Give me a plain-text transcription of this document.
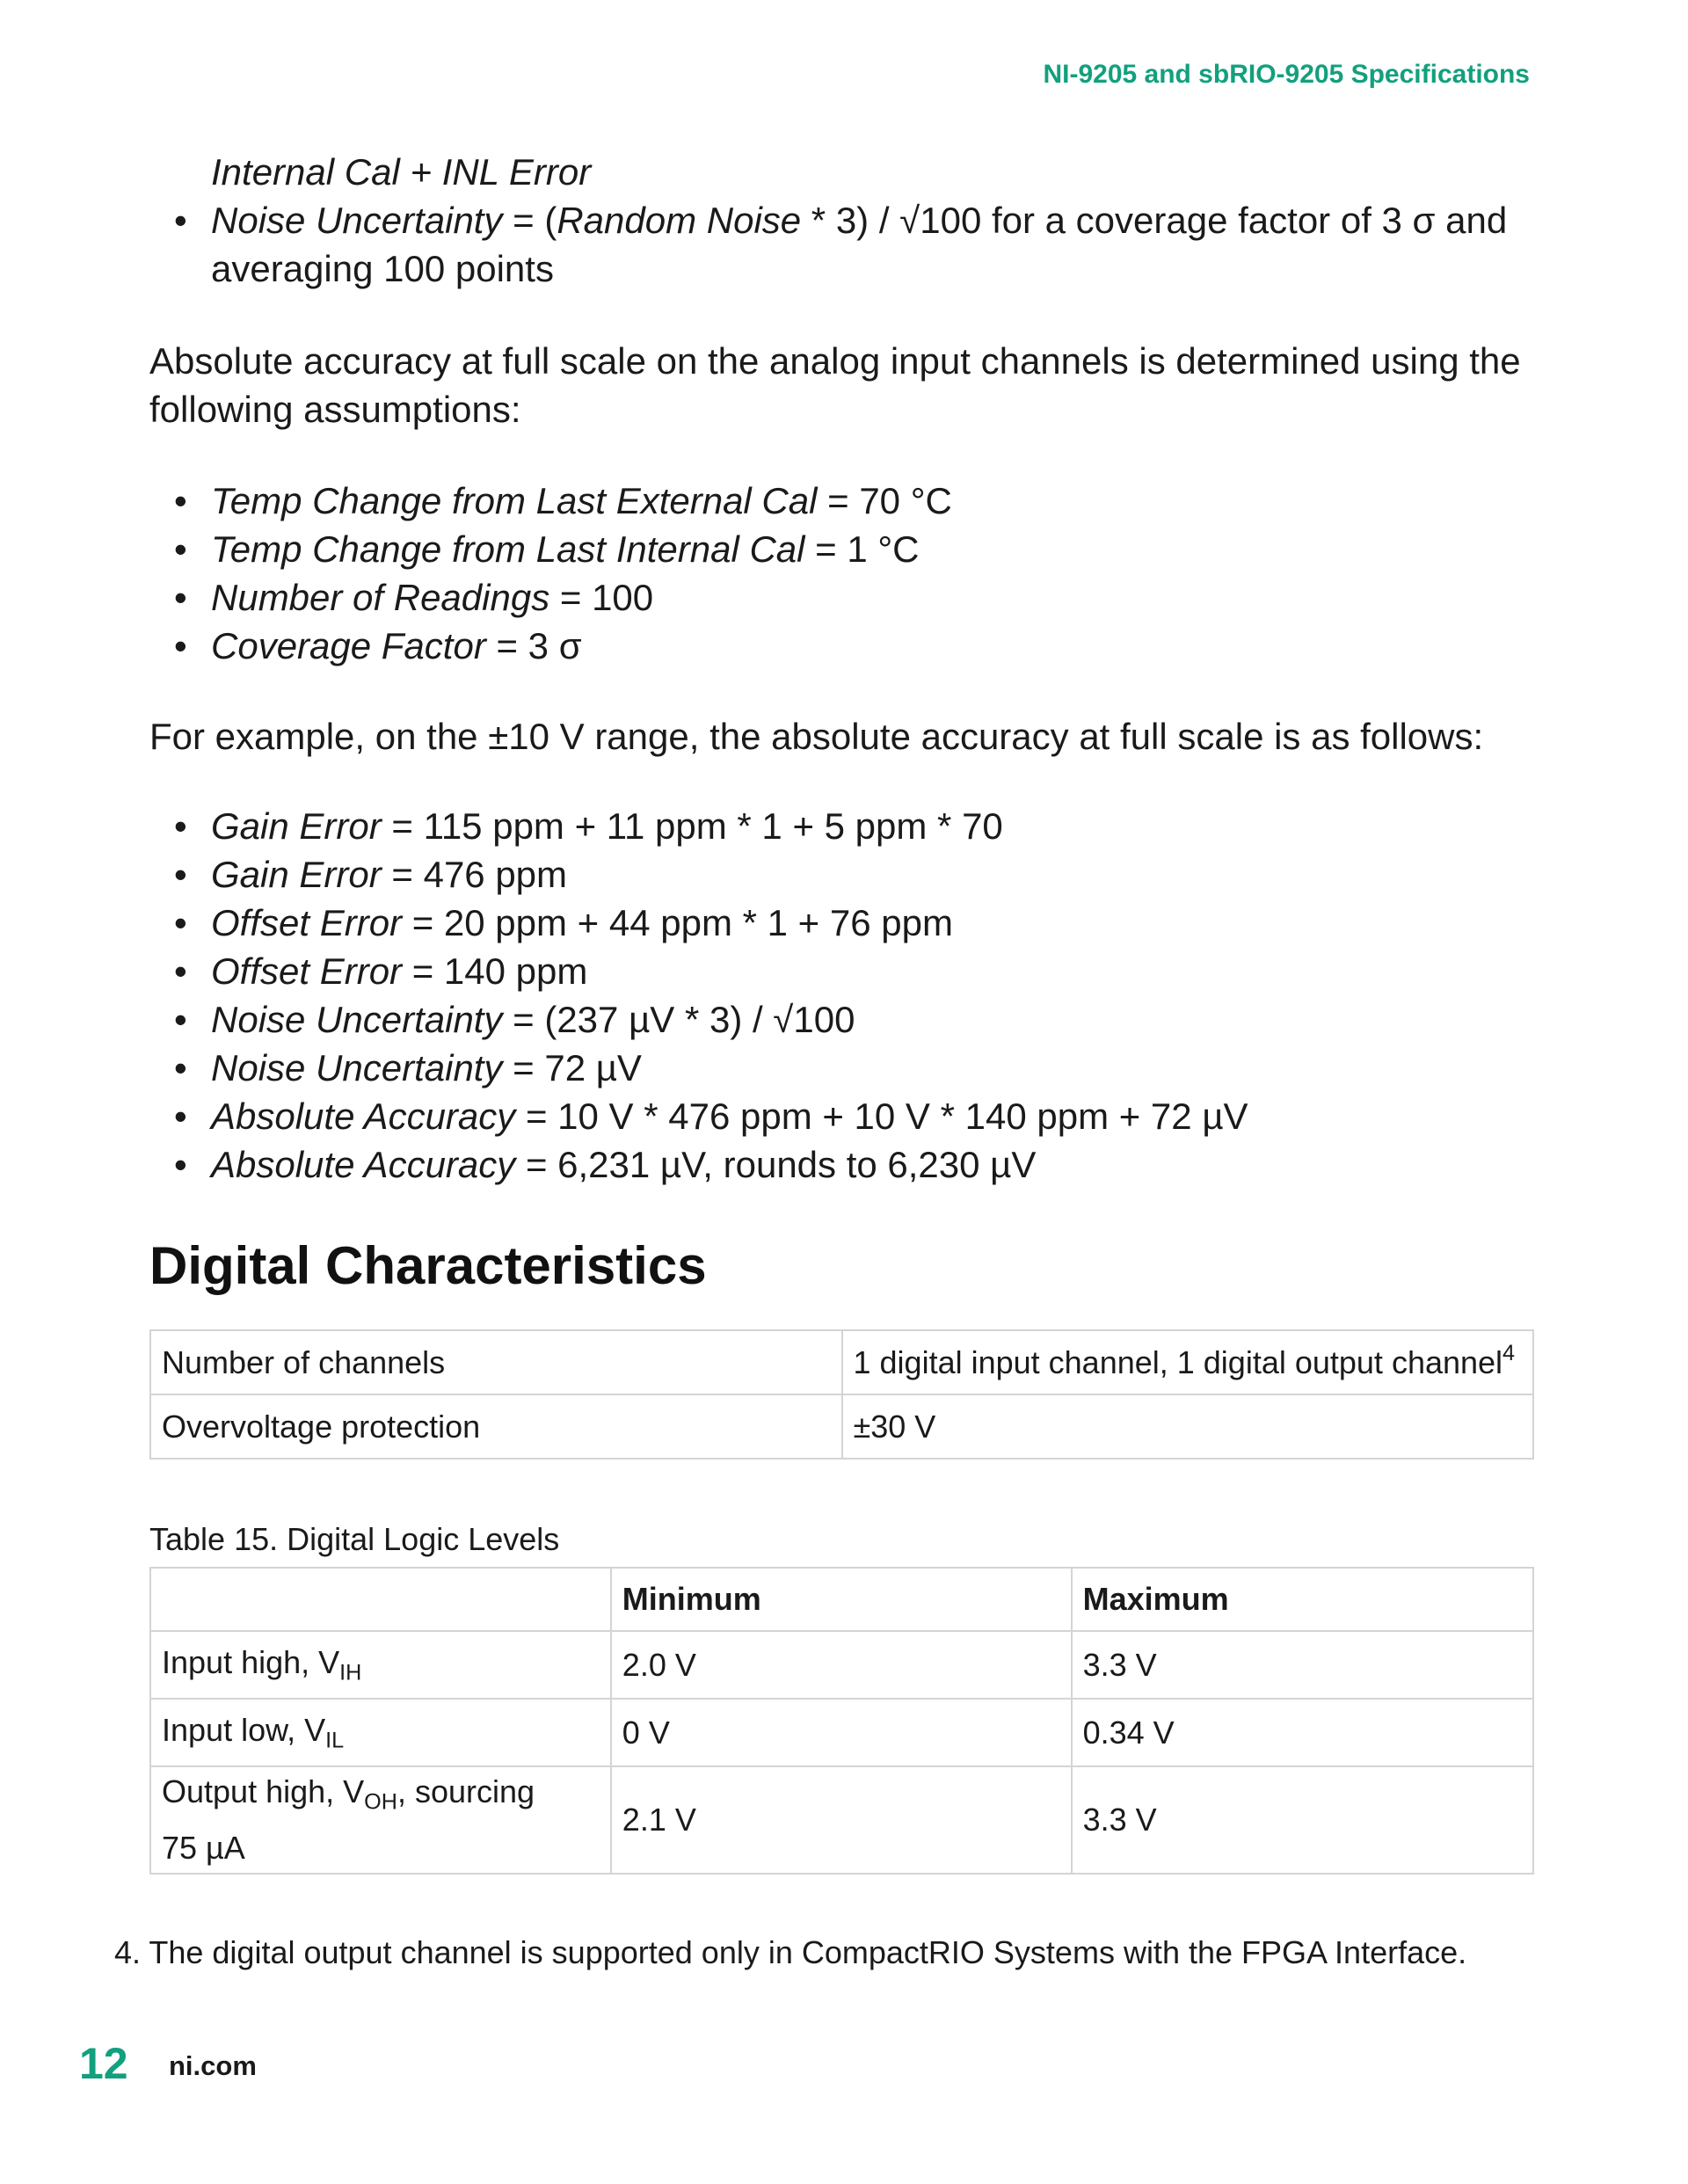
NI-9205 and sbRIO-9205 Specifications
Internal Cal + INL Error
• Noise Uncertainty = (Random Noise * 3) / √100 for a coverage factor of 3 σ and
averaging 100 points

Absolute accuracy at full scale on the analog input channels is determined using the following assumptions:

• Temp Change from Last External Cal = 70 °C
• Temp Change from Last Internal Cal = 1 °C
• Number of Readings = 100
• Coverage Factor = 3 σ

For example, on the ±10 V range, the absolute accuracy at full scale is as follows:

• Gain Error = 115 ppm + 11 ppm * 1 + 5 ppm * 70
• Gain Error = 476 ppm
• Offset Error = 20 ppm + 44 ppm * 1 + 76 ppm
• Offset Error = 140 ppm
• Noise Uncertainty = (237 µV * 3) / √100
• Noise Uncertainty = 72 µV
• Absolute Accuracy = 10 V * 476 ppm + 10 V * 140 ppm + 72 µV
• Absolute Accuracy = 6,231 µV, rounds to 6,230 µV
Digital Characteristics
Number of channels	1 digital input channel, 1 digital output channel$^4$
Overvoltage protection	±30 V

Table 15. Digital Logic Levels

	Minimum	Maximum
Input high, $V_{IH}$	2.0 V	3.3 V
Input low, $V_{IL}$	0 V	0.34 V
Output high, $V_{OH}$, sourcing
75 µA	2.1 V	3.3 V

4. The digital output channel is supported only in CompactRIO Systems with the FPGA Interface.

12 ni.com
